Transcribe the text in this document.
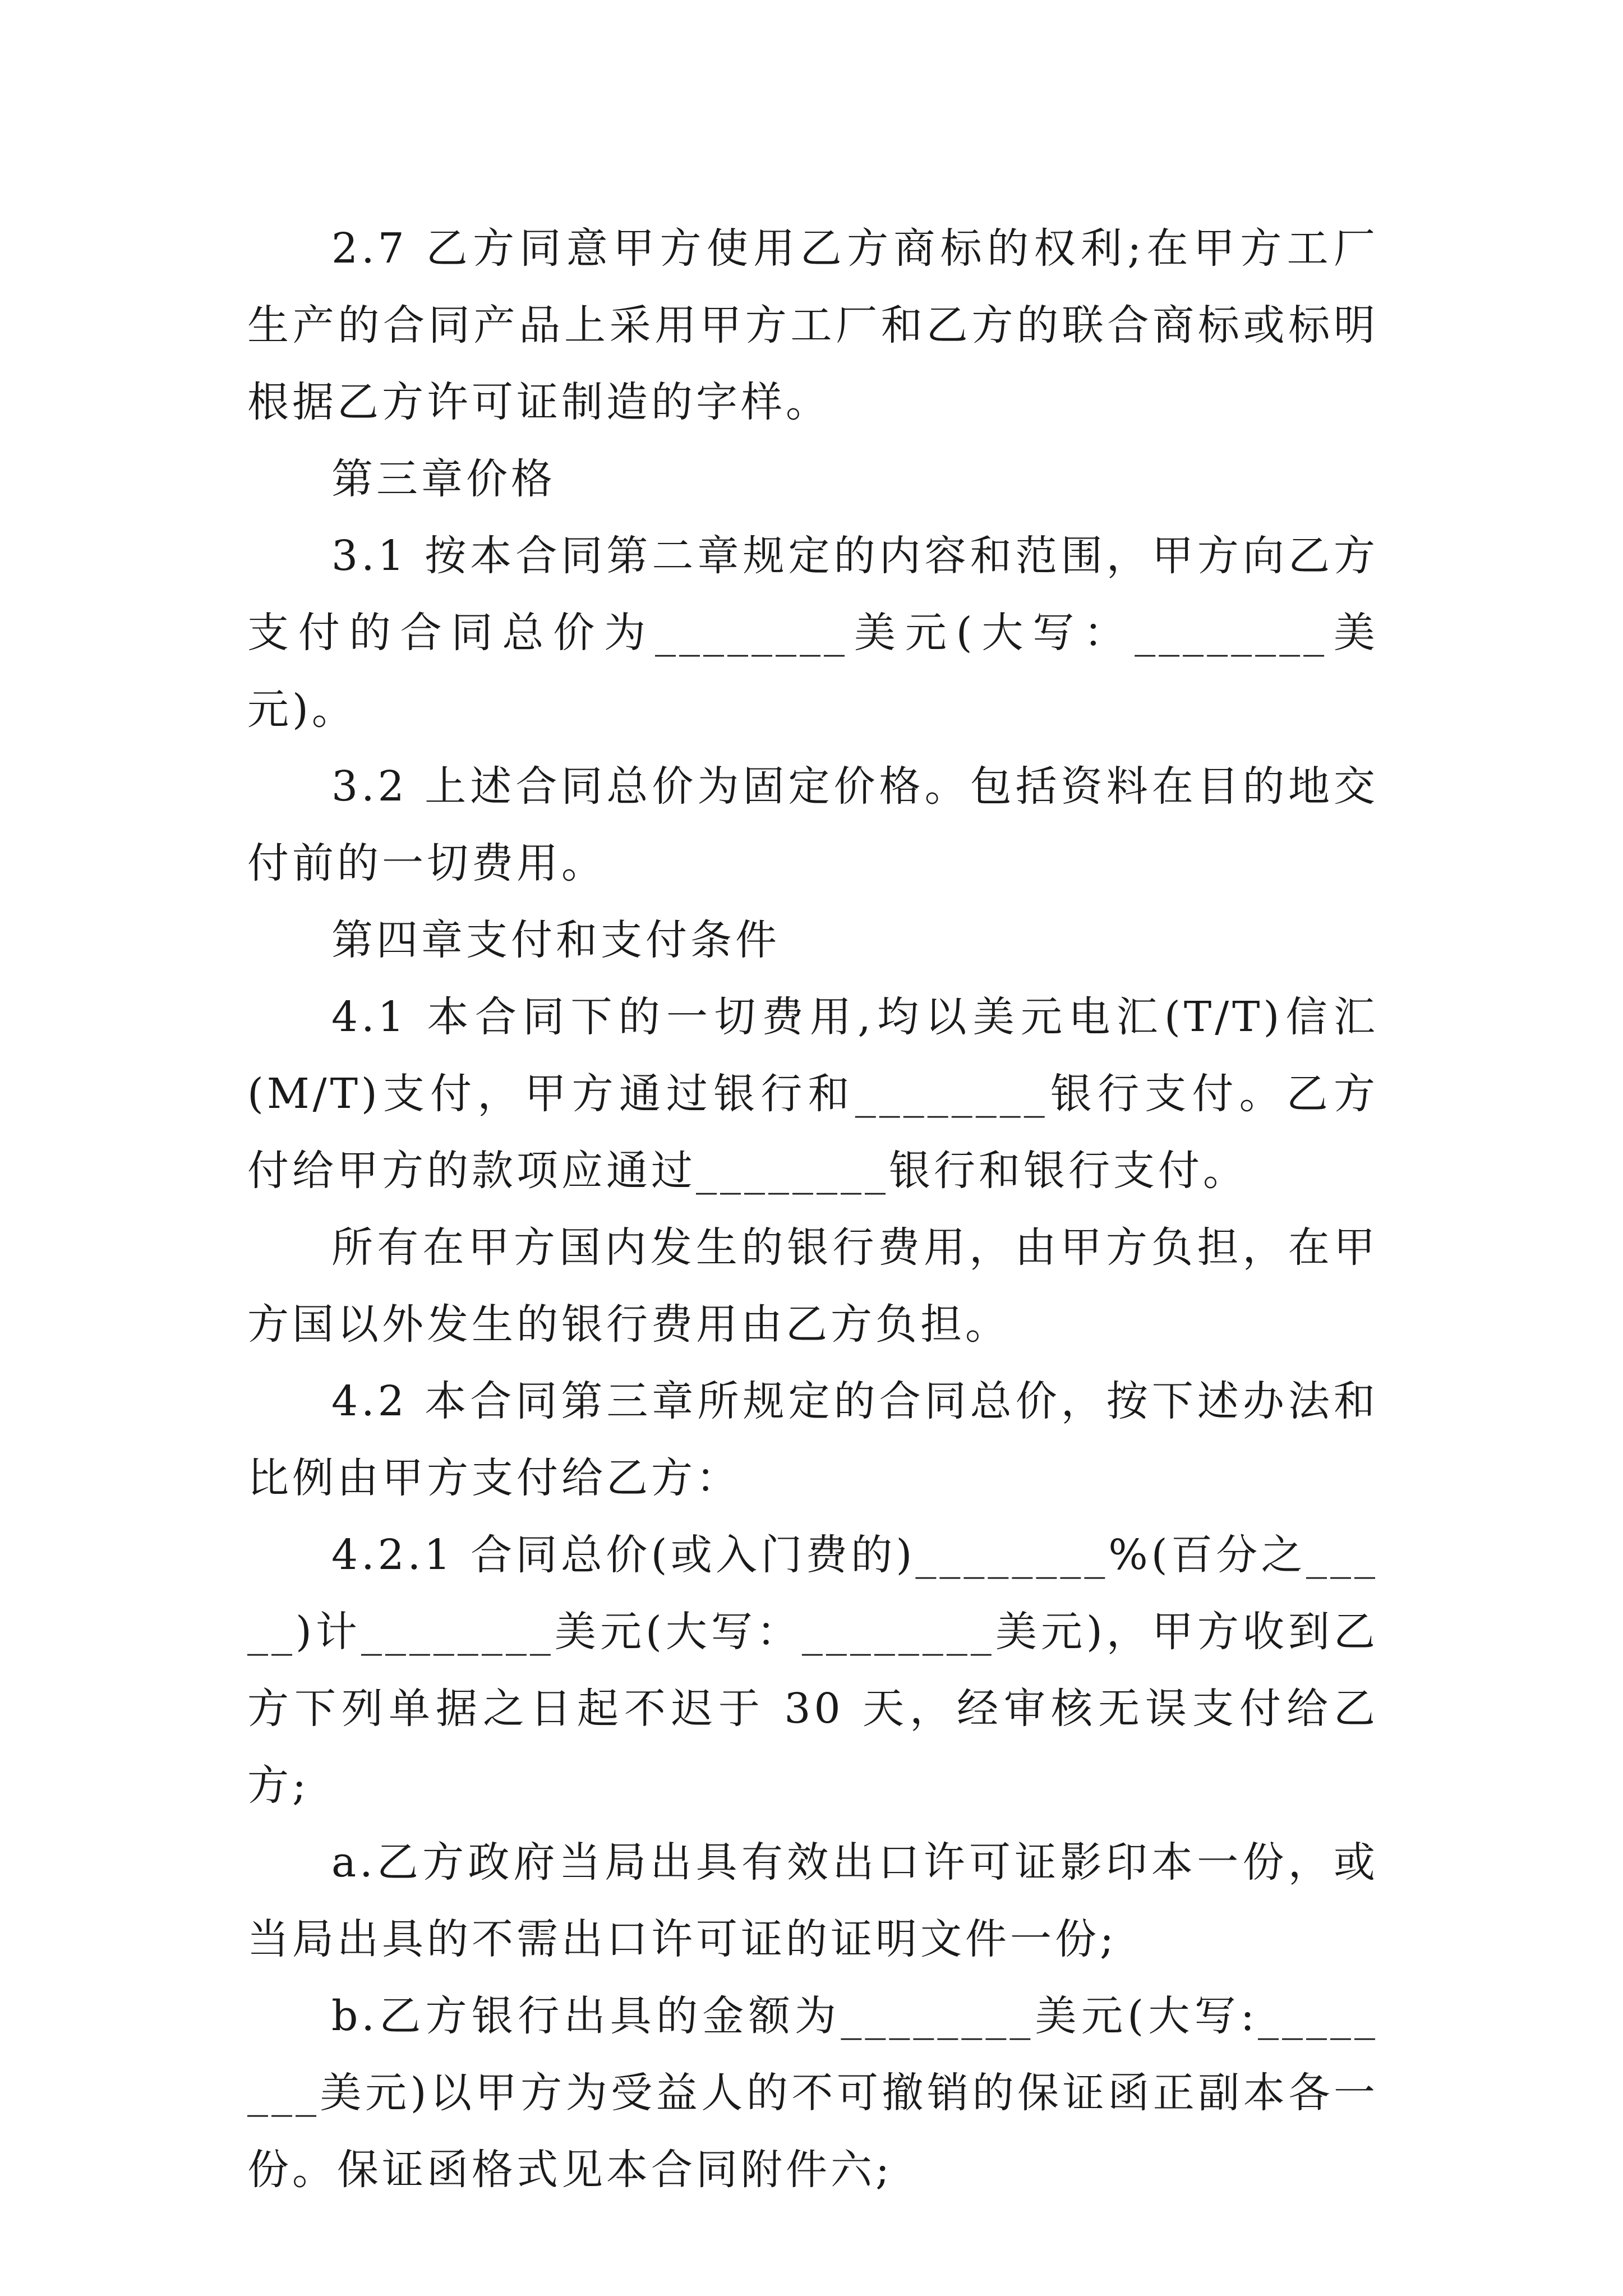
2.7 乙方同意甲方使用乙方商标的权利;在甲方工厂生产的合同产品上采用甲方工厂和乙方的联合商标或标明根据乙方许可证制造的字样。

第三章价格

3.1 按本合同第二章规定的内容和范围，甲方向乙方支付的合同总价为________美元(大写：________美元)。

3.2 上述合同总价为固定价格。包括资料在目的地交付前的一切费用。

第四章支付和支付条件

4.1 本合同下的一切费用,均以美元电汇(T/T)信汇(M/T)支付，甲方通过银行和________银行支付。乙方付给甲方的款项应通过________银行和银行支付。

所有在甲方国内发生的银行费用，由甲方负担，在甲方国以外发生的银行费用由乙方负担。

4.2 本合同第三章所规定的合同总价，按下述办法和比例由甲方支付给乙方：

4.2.1 合同总价(或入门费的)________%(百分之_____)计________美元(大写：________美元)，甲方收到乙方下列单据之日起不迟于 30 天，经审核无误支付给乙方;

a.乙方政府当局出具有效出口许可证影印本一份，或当局出具的不需出口许可证的证明文件一份;

b.乙方银行出具的金额为________美元(大写:________美元)以甲方为受益人的不可撤销的保证函正副本各一份。保证函格式见本合同附件六;
